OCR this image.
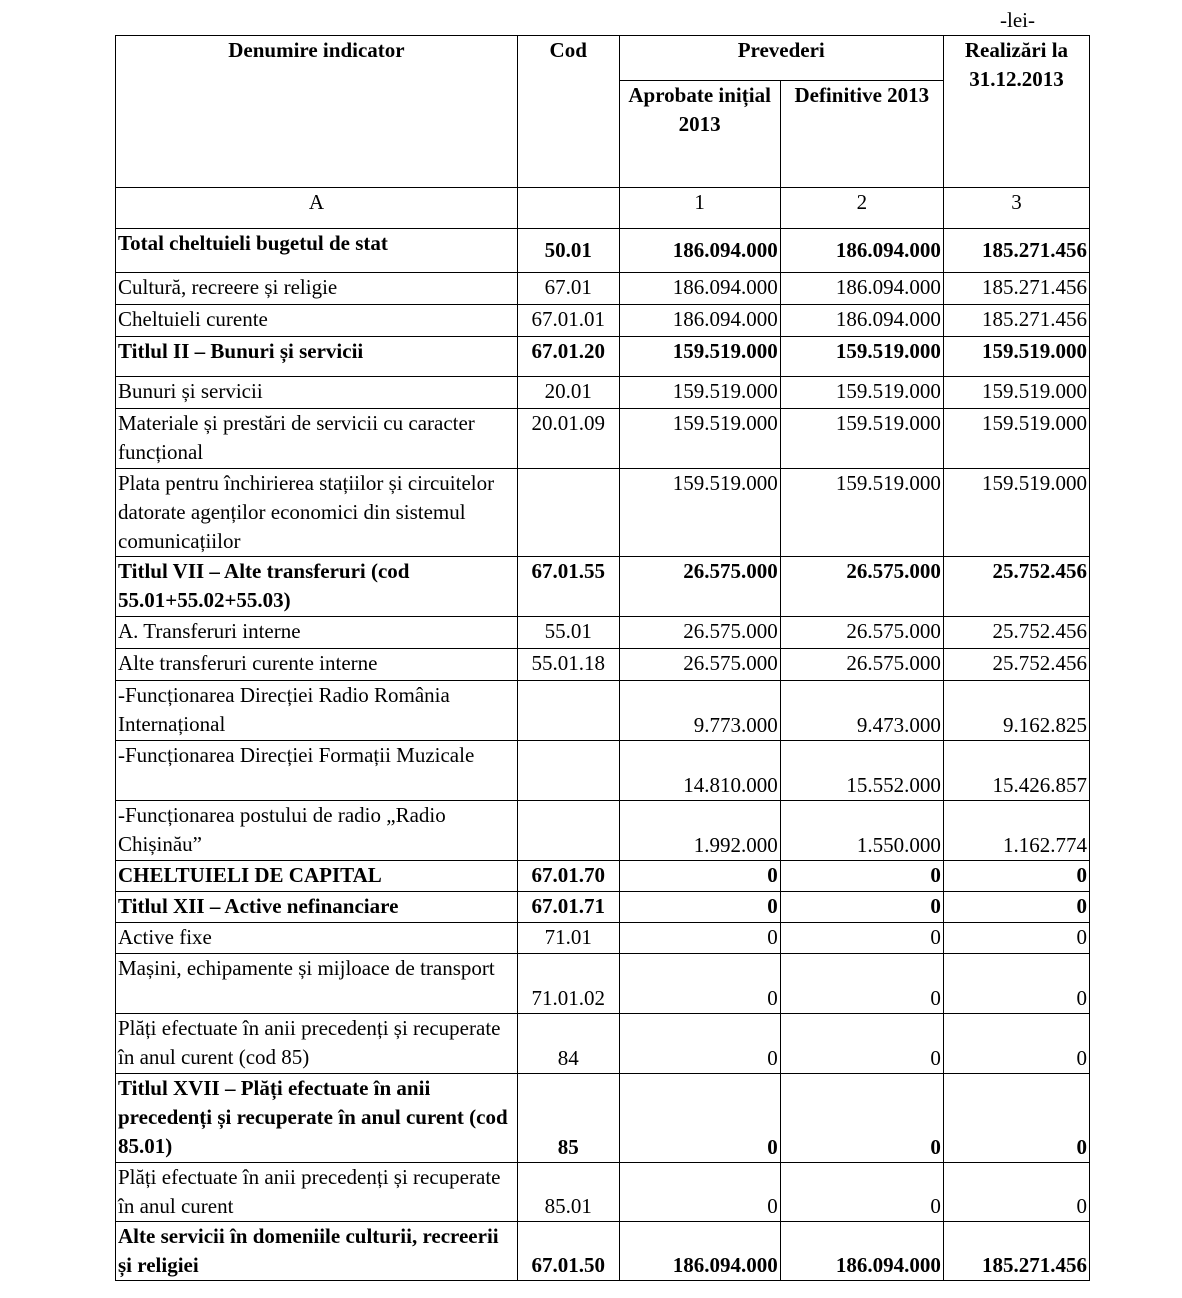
-lei-
Denumire indicator	Cod	Prevederi		Realizări la 31.12.2013
		Aprobate inițial 2013	Definitive 2013	
A		1	2	3
Total cheltuieli bugetul de stat	50.01	186.094.000	186.094.000	185.271.456
Cultură, recreere și religie	67.01	186.094.000	186.094.000	185.271.456
Cheltuieli curente	67.01.01	186.094.000	186.094.000	185.271.456
Titlul II – Bunuri și servicii	67.01.20	159.519.000	159.519.000	159.519.000
Bunuri și servicii	20.01	159.519.000	159.519.000	159.519.000
Materiale și prestări de servicii cu caracter funcțional	20.01.09	159.519.000	159.519.000	159.519.000
Plata pentru închirierea stațiilor și circuitelor datorate agenților economici din sistemul comunicațiilor		159.519.000	159.519.000	159.519.000
Titlul VII – Alte transferuri (cod 55.01+55.02+55.03)	67.01.55	26.575.000	26.575.000	25.752.456
A. Transferuri interne	55.01	26.575.000	26.575.000	25.752.456
Alte transferuri curente interne	55.01.18	26.575.000	26.575.000	25.752.456
-Funcționarea Direcției Radio România Internațional		9.773.000	9.473.000	9.162.825
-Funcționarea Direcției Formații Muzicale		14.810.000	15.552.000	15.426.857
-Funcționarea postului de radio „Radio Chișinău”		1.992.000	1.550.000	1.162.774
CHELTUIELI DE CAPITAL	67.01.70	0	0	0
Titlul XII – Active nefinanciare	67.01.71	0	0	0
Active fixe	71.01	0	0	0
Mașini, echipamente și mijloace de transport	71.01.02	0	0	0
Plăți efectuate în anii precedenți și recuperate în anul curent (cod 85)	84	0	0	0
Titlul XVII – Plăți efectuate în anii precedenți și recuperate în anul curent (cod 85.01)	85	0	0	0
Plăți efectuate în anii precedenți și recuperate în anul curent	85.01	0	0	0
Alte servicii în domeniile culturii, recreerii și religiei	67.01.50	186.094.000	186.094.000	185.271.456
